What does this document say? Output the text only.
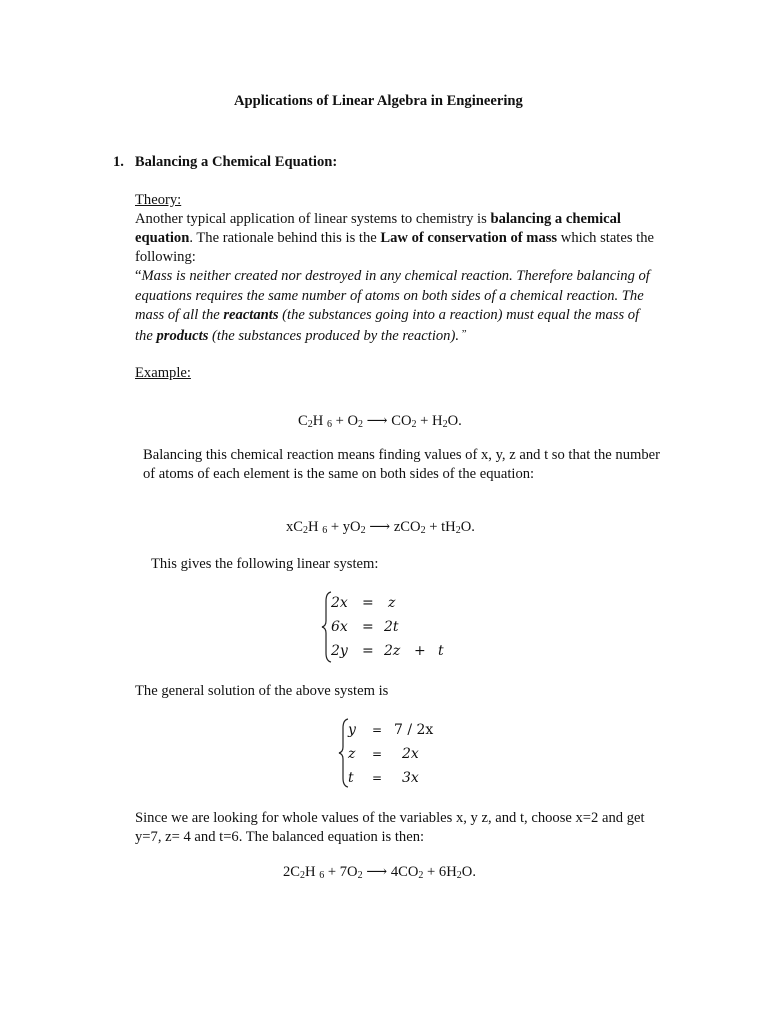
Applications of Linear Algebra in Engineering
1. Balancing a Chemical Equation:
Theory:
Another typical application of linear systems to chemistry is balancing a chemical
equation. The rationale behind this is the Law of conservation of mass which states the
following:
“Mass is neither created nor destroyed in any chemical reaction. Therefore balancing of
equations requires the same number of atoms on both sides of a chemical reaction. The
mass of all the reactants (the substances going into a reaction) must equal the mass of
the products (the substances produced by the reaction). ”
Example:
$C_2H$ $_6 + O_2$ ⟶ $CO_2 + H_2O$.
Balancing this chemical reaction means finding values of x, y, z and t so that the number
of atoms of each element is the same on both sides of the equation:
$xC_2H$ $_6 + yO_2$ ⟶ $zCO_2 + tH_2O$.
This gives the following linear system:
2x = z
6x = 2t
2y = 2z + t
The general solution of the above system is
y = 7 / 2x
z = 2x
t = 3x
Since we are looking for whole values of the variables x, y z, and t, choose x=2 and get
y=7, z= 4 and t=6. The balanced equation is then:
$2C_2H$ $_6 + 7O_2$ ⟶ $4CO_2 + 6H_2O$.
